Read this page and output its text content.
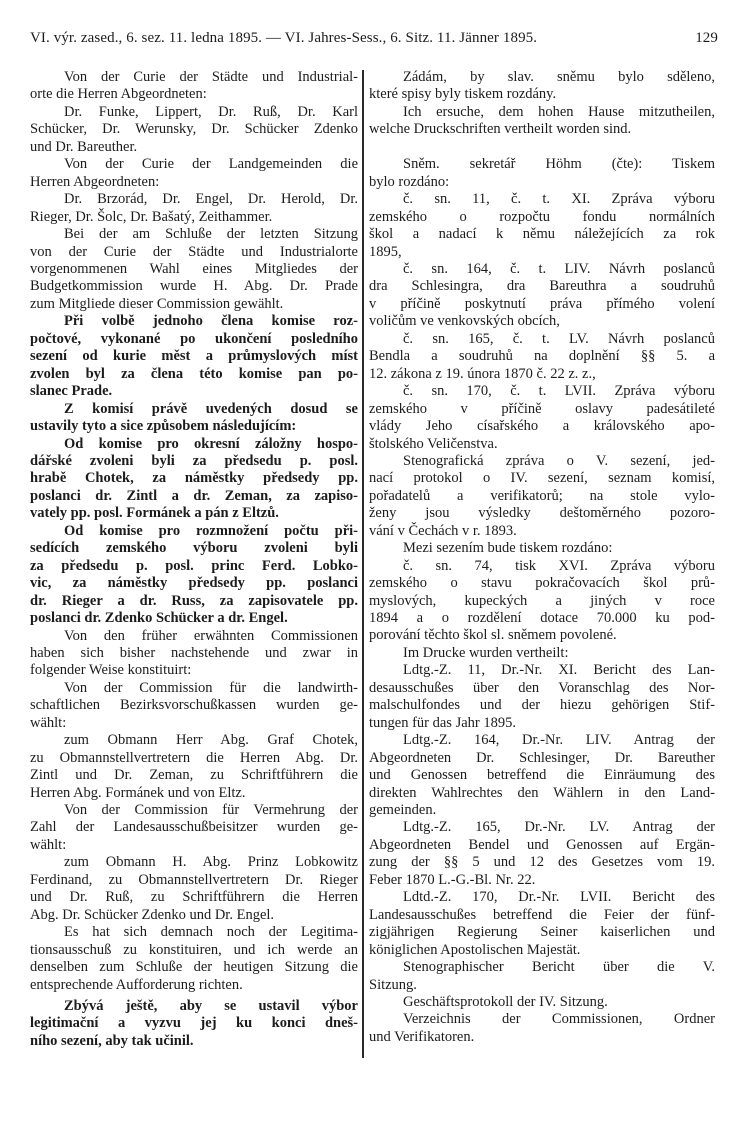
VI. výr. zased., 6. sez. 11. ledna 1895. — VI. Jahres-Sess., 6. Sitz. 11. Jänner 1895.	129
Von der Curie der Städte und Industrial-
orte die Herren Abgeordneten:
Dr. Funke, Lippert, Dr. Ruß, Dr. Karl
Schücker, Dr. Werunsky, Dr. Schücker Zdenko
und Dr. Bareuther.
Von der Curie der Landgemeinden die
Herren Abgeordneten:
Dr. Brzorád, Dr. Engel, Dr. Herold, Dr.
Rieger, Dr. Šolc, Dr. Bašatý, Zeithammer.
Bei der am Schluße der letzten Sitzung
von der Curie der Städte und Industrialorte
vorgenommenen Wahl eines Mitgliedes der
Budgetkommission wurde H. Abg. Dr. Prade
zum Mitgliede dieser Commission gewählt.
Při volbě jednoho člena komise roz-
počtové, vykonané po ukončení posledního
sezení od kurie měst a průmyslových míst
zvolen byl za člena této komise pan po-
slanec Prade.
Z komisí právě uvedených dosud se
ustavily tyto a sice způsobem následujícím:
Od komise pro okresní záložny hospo-
dářské zvoleni byli za předsedu p. posl.
hrabě Chotek, za náměstky předsedy pp.
poslanci dr. Zintl a dr. Zeman, za zapiso-
vately pp. posl. Formánek a pán z Eltzů.
Od komise pro rozmnožení počtu při-
sedících zemského výboru zvoleni byli
za předsedu p. posl. princ Ferd. Lobko-
vic, za náměstky předsedy pp. poslanci
dr. Rieger a dr. Russ, za zapisovatele pp.
poslanci dr. Zdenko Schücker a dr. Engel.
Von den früher erwähnten Commissionen
haben sich bisher nachstehende und zwar in
folgender Weise konstituirt:
Von der Commission für die landwirth-
schaftlichen Bezirksvorschußkassen wurden ge-
wählt:
zum Obmann Herr Abg. Graf Chotek,
zu Obmannstellvertretern die Herren Abg. Dr.
Zintl und Dr. Zeman, zu Schriftführern die
Herren Abg. Formánek und von Eltz.
Von der Commission für Vermehrung der
Zahl der Landesausschußbeisitzer wurden ge-
wählt:
zum Obmann H. Abg. Prinz Lobkowitz
Ferdinand, zu Obmannstellvertretern Dr. Rieger
und Dr. Ruß, zu Schriftführern die Herren
Abg. Dr. Schücker Zdenko und Dr. Engel.
Es hat sich demnach noch der Legitima-
tionsausschuß zu konstituiren, und ich werde an
denselben zum Schluße der heutigen Sitzung die
entsprechende Aufforderung richten.
Zbývá ještě, aby se ustavil výbor
legitimační a vyzvu jej ku konci dneš-
ního sezení, aby tak učinil.
Zádám, by slav. sněmu bylo sděleno,
které spisy byly tiskem rozdány.
Ich ersuche, dem hohen Hause mitzutheilen,
welche Druckschriften vertheilt worden sind.
Sněm. sekretář Höhm (čte): Tiskem
bylo rozdáno:
č. sn. 11, č. t. XI. Zpráva výboru
zemského o rozpočtu fondu normálních
škol a nadací k němu náležejících za rok
1895,
č. sn. 164, č. t. LIV. Návrh poslanců
dra Schlesingra, dra Bareuthra a soudruhů
v příčině poskytnutí práva přímého volení
voličům ve venkovských obcích,
č. sn. 165, č. t. LV. Návrh poslanců
Bendla a soudruhů na doplnění §§ 5. a
12. zákona z 19. února 1870 č. 22 z. z.,
č. sn. 170, č. t. LVII. Zpráva výboru
zemského v příčině oslavy padesátileté
vlády Jeho císařského a královského apo-
štolského Veličenstva.
Stenografická zpráva o V. sezení, jed-
nací protokol o IV. sezení, seznam komisí,
pořadatelů a verifikatorů; na stole vylo-
ženy jsou výsledky deštoměrného pozoro-
vání v Čechách v r. 1893.
Mezi sezením bude tiskem rozdáno:
č. sn. 74, tisk XVI. Zpráva výboru
zemského o stavu pokračovacích škol prů-
myslových, kupeckých a jiných v roce
1894 a o rozdělení dotace 70.000 ku pod-
porování těchto škol sl. sněmem povolené.
Im Drucke wurden vertheilt:
Ldtg.-Z. 11, Dr.-Nr. XI. Bericht des Lan-
desausschußes über den Voranschlag des Nor-
malschulfondes und der hiezu gehörigen Stif-
tungen für das Jahr 1895.
Ldtg.-Z. 164, Dr.-Nr. LIV. Antrag der
Abgeordneten Dr. Schlesinger, Dr. Bareuther
und Genossen betreffend die Einräumung des
direkten Wahlrechtes den Wählern in den Land-
gemeinden.
Ldtg.-Z. 165, Dr.-Nr. LV. Antrag der
Abgeordneten Bendel und Genossen auf Ergän-
zung der §§ 5 und 12 des Gesetzes vom 19.
Feber 1870 L.-G.-Bl. Nr. 22.
Ldtd.-Z. 170, Dr.-Nr. LVII. Bericht des
Landesausschußes betreffend die Feier der fünf-
zigjährigen Regierung Seiner kaiserlichen und
königlichen Apostolischen Majestät.
Stenographischer Bericht über die V.
Sitzung.
Geschäftsprotokoll der IV. Sitzung.
Verzeichnis der Commissionen, Ordner
und Verifikatoren.
